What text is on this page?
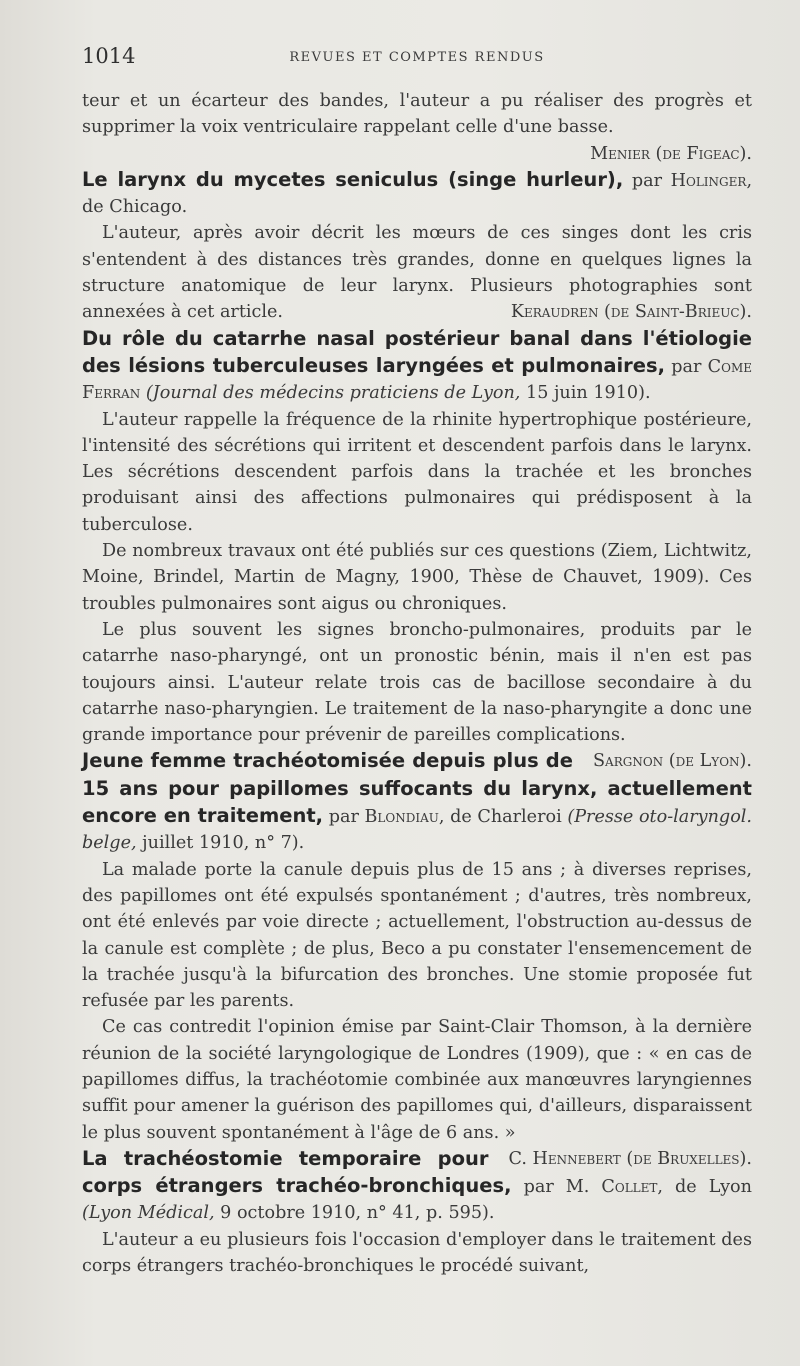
1014	REVUES ET COMPTES RENDUS

teur et un écarteur des bandes, l'auteur a pu réaliser des progrès et supprimer la voix ventriculaire rappelant celle d'une basse.
Menier (de Figeac).

Le larynx du mycetes seniculus (singe hurleur), par Holinger, de Chicago.

L'auteur, après avoir décrit les mœurs de ces singes dont les cris s'entendent à des distances très grandes, donne en quelques lignes la structure anatomique de leur larynx. Plusieurs photographies sont annexées à cet article.	Keraudren (de Saint-Brieuc).

Du rôle du catarrhe nasal postérieur banal dans l'étiologie des lésions tuberculeuses laryngées et pulmonaires, par Come Ferran (Journal des médecins praticiens de Lyon, 15 juin 1910).

L'auteur rappelle la fréquence de la rhinite hypertrophique postérieure, l'intensité des sécrétions qui irritent et descendent parfois dans le larynx. Les sécrétions descendent parfois dans la trachée et les bronches produisant ainsi des affections pulmonaires qui prédisposent à la tuberculose.

De nombreux travaux ont été publiés sur ces questions (Ziem, Lichtwitz, Moine, Brindel, Martin de Magny, 1900, Thèse de Chauvet, 1909). Ces troubles pulmonaires sont aigus ou chroniques.

Le plus souvent les signes broncho-pulmonaires, produits par le catarrhe naso-pharyngé, ont un pronostic bénin, mais il n'en est pas toujours ainsi. L'auteur relate trois cas de bacillose secondaire à du catarrhe naso-pharyngien. Le traitement de la naso-pharyngite a donc une grande importance pour prévenir de pareilles complications.
Sargnon (de Lyon).

Jeune femme trachéotomisée depuis plus de 15 ans pour papillomes suffocants du larynx, actuellement encore en traitement, par Blondiau, de Charleroi (Presse oto-laryngol. belge, juillet 1910, n° 7).

La malade porte la canule depuis plus de 15 ans ; à diverses reprises, des papillomes ont été expulsés spontanément ; d'autres, très nombreux, ont été enlevés par voie directe ; actuellement, l'obstruction au-dessus de la canule est complète ; de plus, Beco a pu constater l'ensemencement de la trachée jusqu'à la bifurcation des bronches. Une stomie proposée fut refusée par les parents.

Ce cas contredit l'opinion émise par Saint-Clair Thomson, à la dernière réunion de la société laryngologique de Londres (1909), que : « en cas de papillomes diffus, la trachéotomie combinée aux manœuvres laryngiennes suffit pour amener la guérison des papillomes qui, d'ailleurs, disparaissent le plus souvent spontanément à l'âge de 6 ans. »
C. Hennebert (de Bruxelles).

La trachéostomie temporaire pour corps étrangers trachéo-bronchiques, par M. Collet, de Lyon (Lyon Médical, 9 octobre 1910, n° 41, p. 595).

L'auteur a eu plusieurs fois l'occasion d'employer dans le traitement des corps étrangers trachéo-bronchiques le procédé suivant,
